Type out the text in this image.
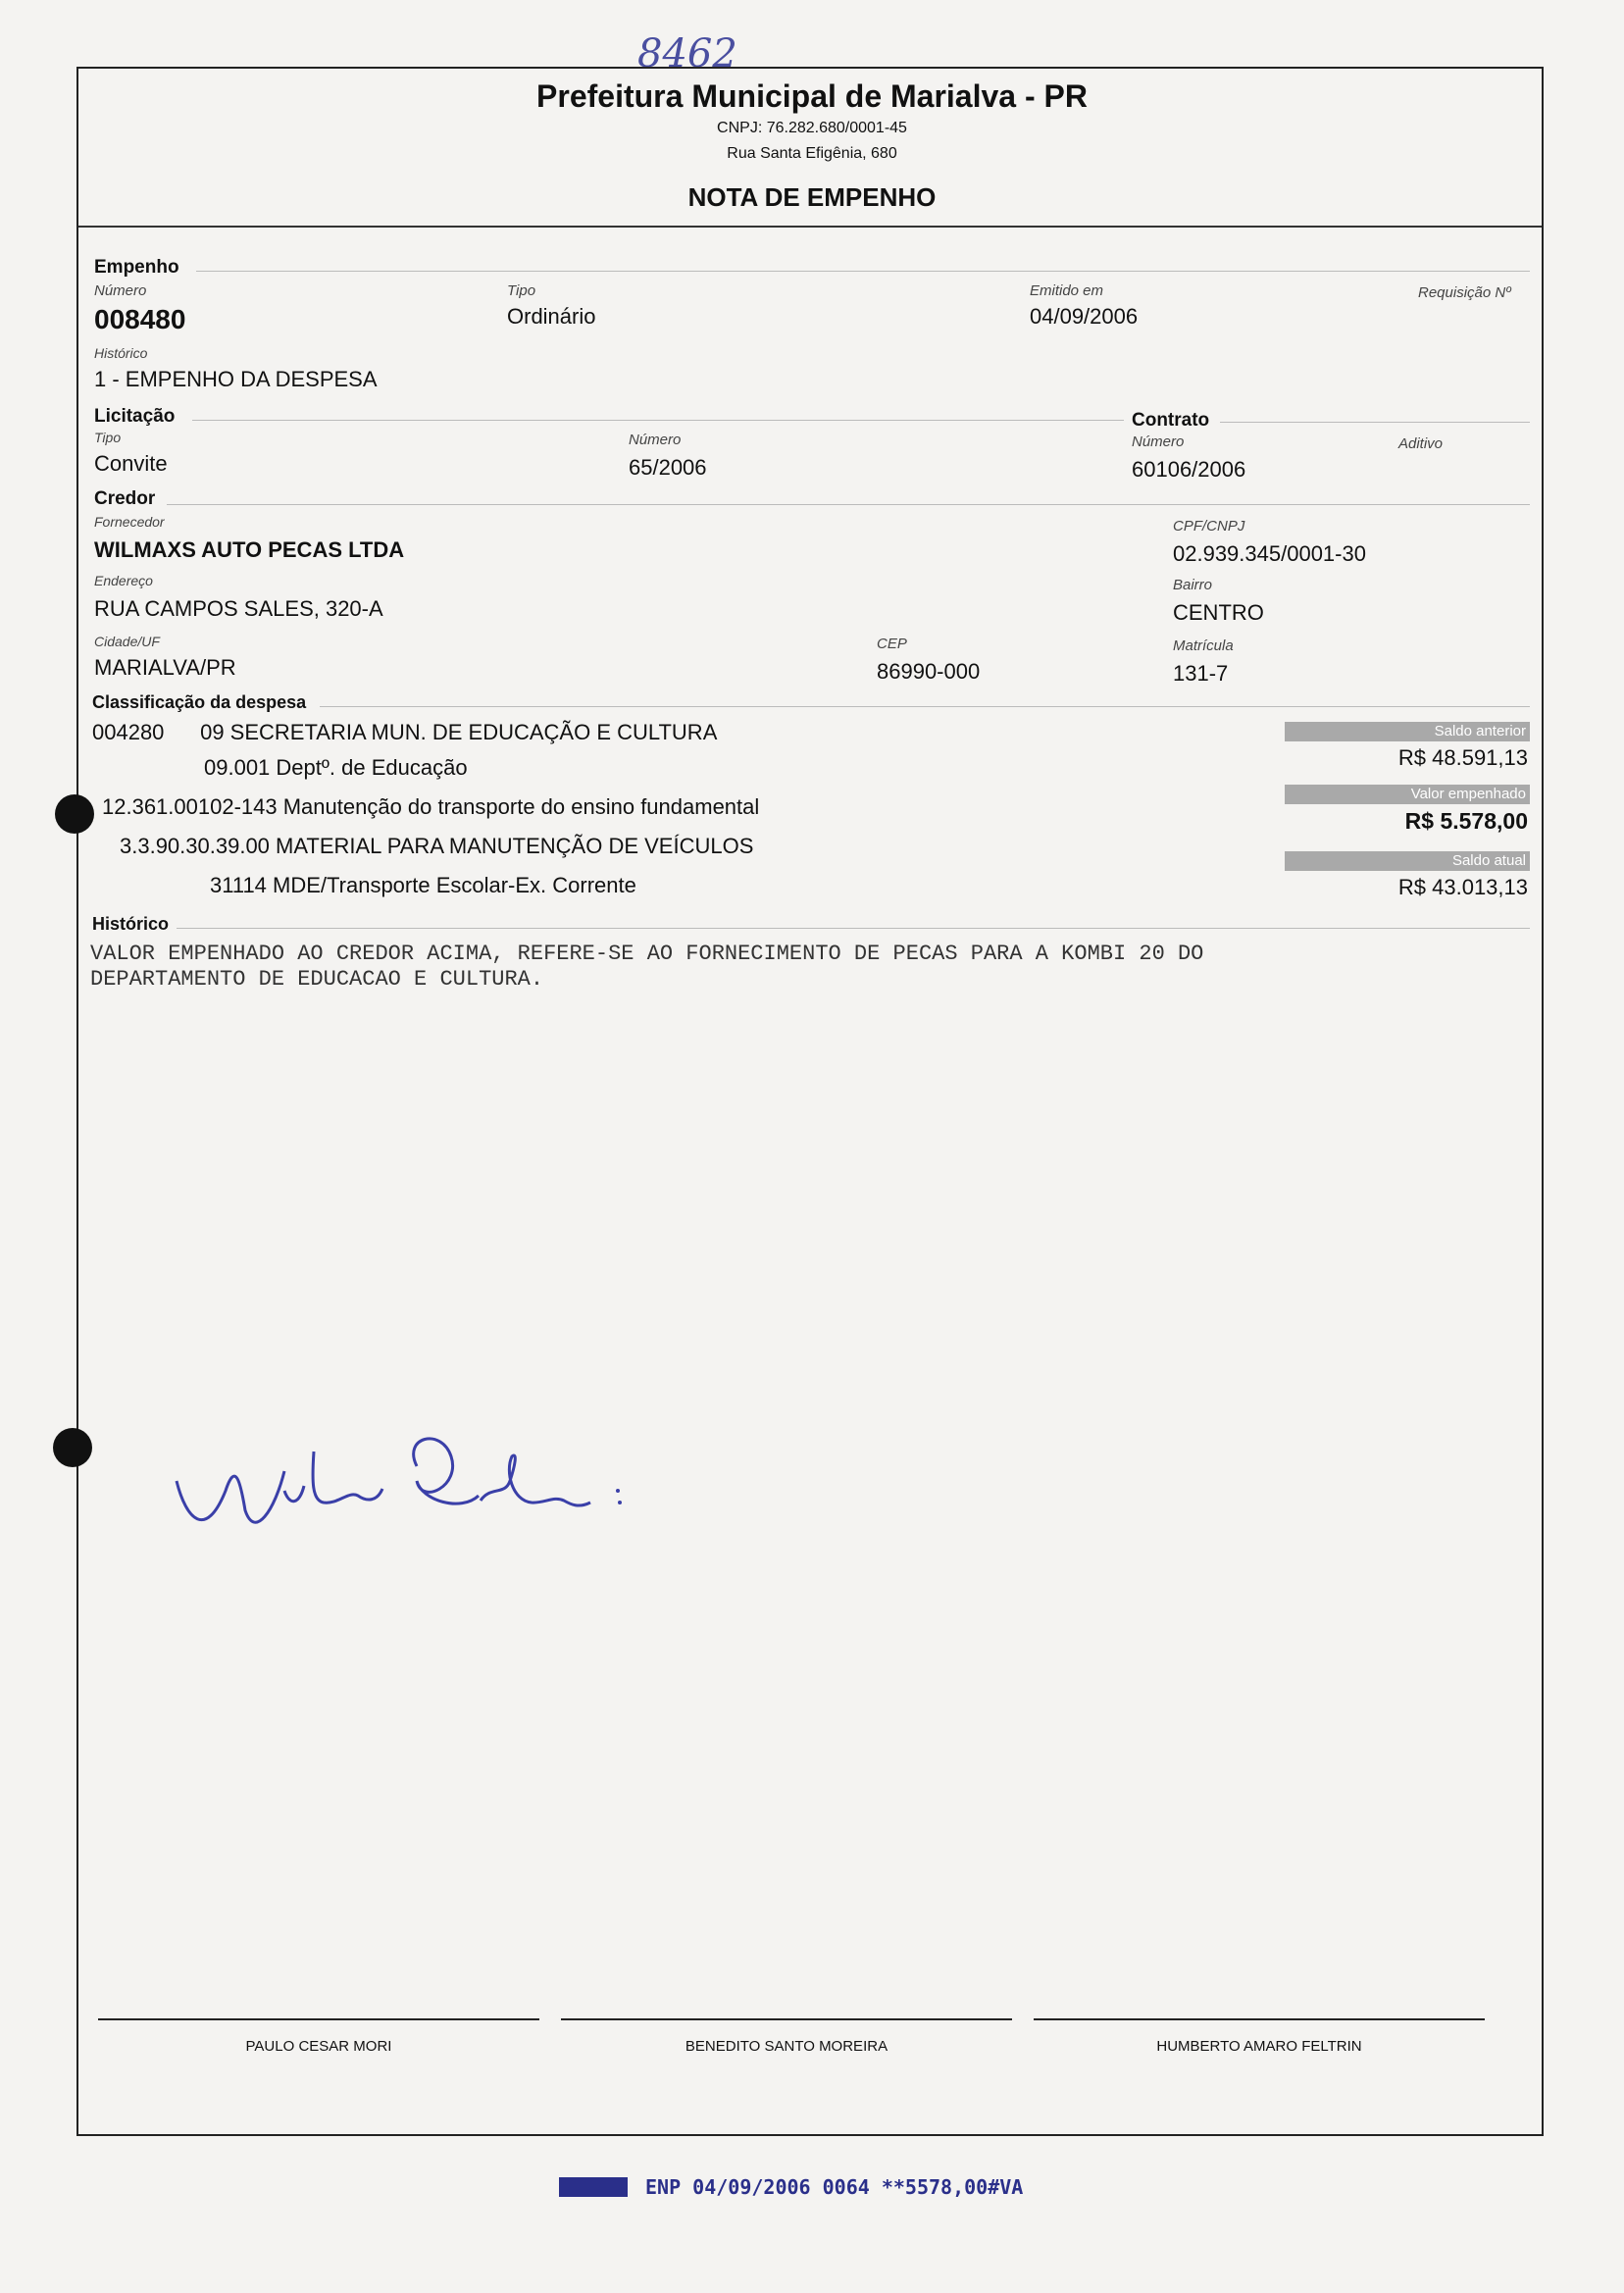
8462
Prefeitura Municipal de Marialva - PR
CNPJ: 76.282.680/0001-45
Rua Santa Efigênia, 680
NOTA DE EMPENHO
Empenho
Número
008480
Tipo
Ordinário
Emitido em
04/09/2006
Requisição Nº
Histórico
1 - EMPENHO DA DESPESA
Licitação	Contrato
Tipo
Convite
Número
65/2006
Número
60106/2006
Aditivo
Credor
Fornecedor
WILMAXS AUTO PECAS LTDA
CPF/CNPJ
02.939.345/0001-30
Endereço
RUA CAMPOS SALES, 320-A
Bairro
CENTRO
Cidade/UF
MARIALVA/PR
CEP
86990-000
Matrícula
131-7
Classificação da despesa
004280      09 SECRETARIA MUN. DE EDUCAÇÃO E CULTURA
09.001 Deptº. de Educação
12.361.00102-143 Manutenção do transporte do ensino fundamental
3.3.90.30.39.00 MATERIAL PARA MANUTENÇÃO DE VEÍCULOS
31114 MDE/Transporte Escolar-Ex. Corrente
Saldo anterior
R$ 48.591,13
Valor empenhado
R$ 5.578,00
Saldo atual
R$ 43.013,13
Histórico
VALOR EMPENHADO AO CREDOR ACIMA, REFERE-SE AO FORNECIMENTO DE PECAS PARA A KOMBI 20 DO
DEPARTAMENTO DE EDUCACAO E CULTURA.
PAULO CESAR MORI	BENEDITO SANTO MOREIRA	HUMBERTO AMARO FELTRIN
ENP 04/09/2006 0064 **5578,00#VA
